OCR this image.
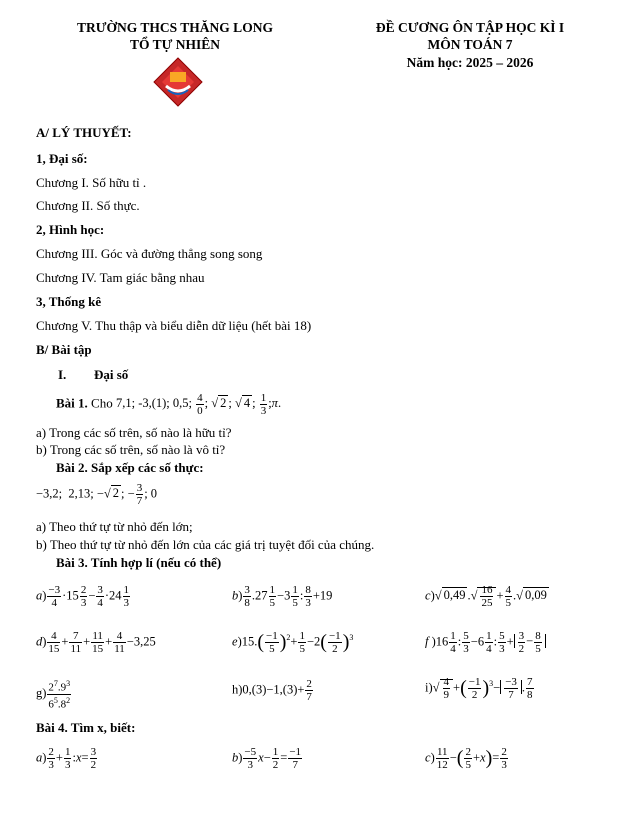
TRƯỜNG THCS THĂNG LONG
TỔ TỰ NHIÊN
ĐỀ CƯƠNG ÔN TẬP HỌC KÌ I
MÔN TOÁN 7
Năm học: 2025 – 2026
A/ LÝ THUYẾT:
1, Đại số:
Chương I. Số hữu tỉ .
Chương II. Số thực.
2, Hình học:
Chương III. Góc và đường thẳng song song
Chương IV. Tam giác bằng nhau
3, Thống kê
Chương V. Thu thập và biểu diễn dữ liệu (hết bài 18)
B/ Bài tập
I. Đại số
Bài 1. Cho 7,1; -3,(1); 0,5; $\frac{4}{0}$ ; √ 2 ; √ 4 ; $\frac{1}{3}$ ;π.
a) Trong các số trên, số nào là hữu tỉ?
b) Trong các số trên, số nào là vô tỉ?
Bài 2. Sắp xếp các số thực:
−3,2;  2,13; −√ 2 ; − $\frac{3}{7}$ ; 0
a) Theo thứ tự từ nhỏ đến lớn;
b) Theo thứ tự từ nhỏ đến lớn của các giá trị tuyệt đối của chúng.
Bài 3. Tính hợp lí (nếu có thể)
$a) \frac{-3}{4} \cdot 15 \frac{2}{3} - \frac{3}{4} \cdot 24 \frac{1}{3}$	$b) \frac{3}{8} .27 \frac{1}{5} -3 \frac{1}{5}$ : $\frac{8}{3} +19$	c)√ 0,49 .√ $\frac{16}{25} + \frac{4}{5}$ .√ 0,09
$d) \frac{4}{15} + \frac{7}{11} + \frac{11}{15} + \frac{4}{11} -3,25$	$e)15.( \frac{-1}{5} )^2+ \frac{1}{5} -2( \frac{-1}{2} )^3$	f )$16 \frac{1}{4}$ : $\frac{5}{3} -6 \frac{1}{4}$ : $\frac{5}{3} + \frac{3}{2} - \frac{8}{5}$
$g) \frac{2^7.9^3}{6^5.8^2}$	$h)0,(3)-1,(3)+ \frac{2}{7}$	$i)√ \frac{4}{9}$ +( $\frac{-1}{2} )^3- \frac{-3}{7}$ . $\frac{7}{8}$
Bài 4. Tìm x, biết:
$a) \frac{2}{3} + \frac{1}{3}$ :x= $\frac{3}{2}$	$b) \frac{-5}{3} x- \frac{1}{2} = \frac{-1}{7}$	$c) \frac{11}{12}$ −( $\frac{2}{5} +x)= \frac{2}{3}$
